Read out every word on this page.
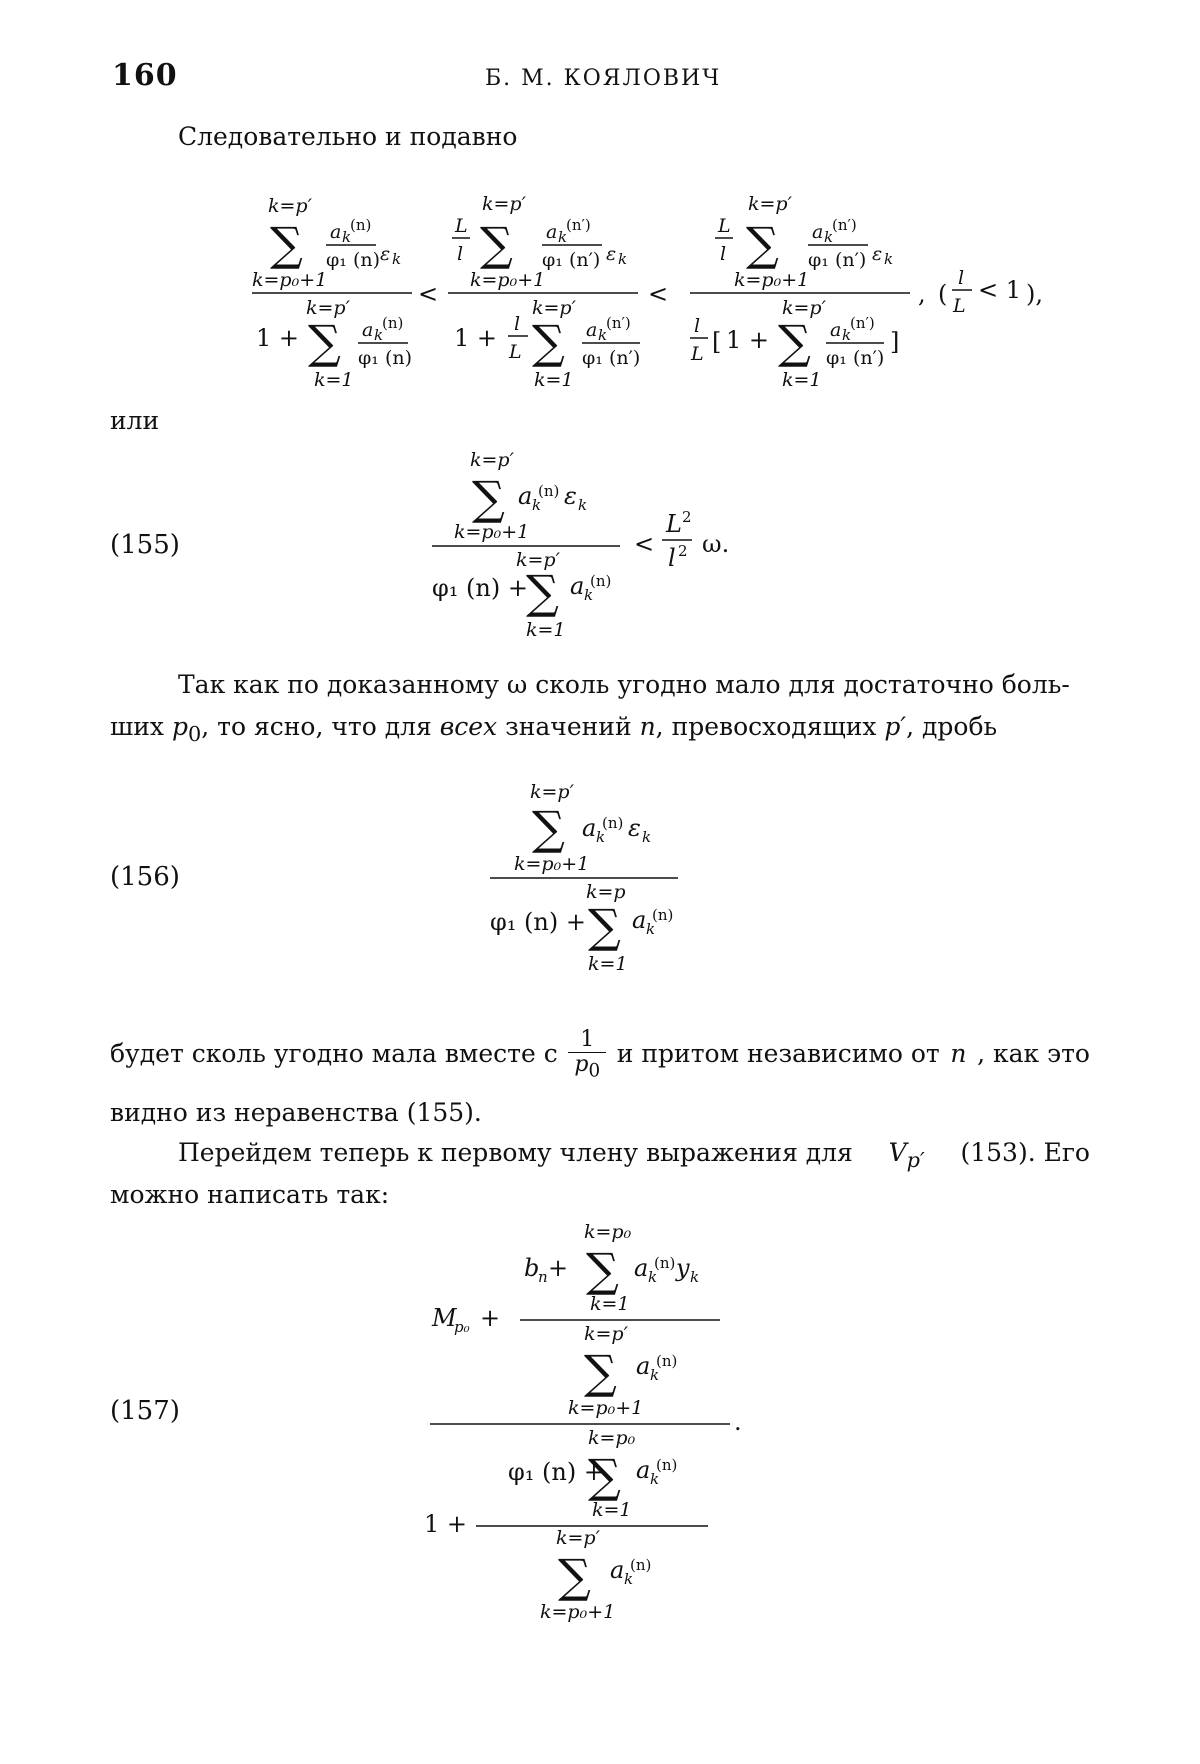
160	Б. М. КОЯЛОВИЧ
Следовательно и подавно
k=p′
∑ a k
(n)
φ₁ (n) ε k
k=p₀+1
k=p′
1 + ∑ a k
(n)
φ₁ (n)
k=1
<
k=p′
L
l ∑ a k
(n′)
φ₁ (n′) ε k
k=p₀+1
k=p′
1 + l
L ∑ a k
(n′)
φ₁ (n′)
k=1
<
k=p′
L
l ∑ a k
(n′)
φ₁ (n′) ε k
k=p₀+1
k=p′
l
L [ 1 + ∑ a k
(n′)
φ₁ (n′)
]
k=1
, (
l
L
< 1 ),
или
(155)
k=p′
∑ a k
(n) ε k
k=p₀+1
k=p′
φ₁ (n) +
∑ a k
(n)
k=1
<
L 2
l 2 ω.
Так как по доказанному ω сколь угодно мало для достаточно боль-
ших $p_0$, то ясно, что для всех значений n, превосходящих p′, дробь
(156)
k=p′
∑ a k
(n) ε k
k=p₀+1
k=p
φ₁ (n) + ∑ a k
(n)
k=1
будет сколь угодно мала вместе с 1
$p_0$
и притом независимо от n , как это
видно из неравенства (155).
Перейдем теперь к первому члену выражения для $V_{p'}$ (153). Его
можно написать так:
(157)
k=p₀
b
n + ∑ a k
(n) y k
k=1
M
p₀ +
k=p′
∑ a k
(n)
k=p₀+1	.
k=p₀
φ₁ (n) +
∑ a k
(n)
k=1
1 +	k=p′
∑ a k
(n)
k=p₀+1
